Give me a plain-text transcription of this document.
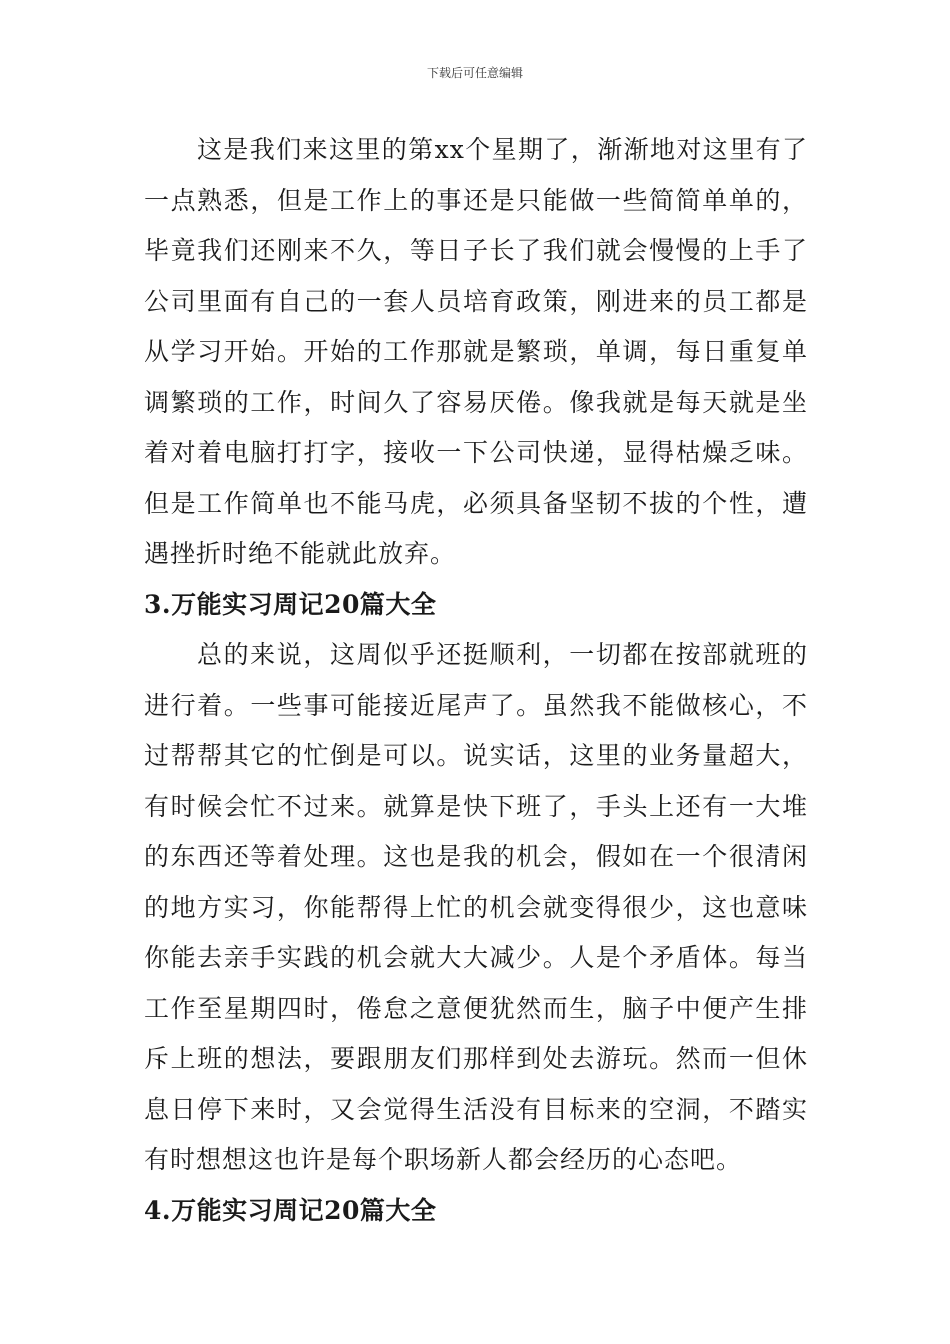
下载后可任意编辑

这是我们来这里的第xx个星期了，渐渐地对这里有了一点熟悉，但是工作上的事还是只能做一些简简单单的，毕竟我们还刚来不久，等日子长了我们就会慢慢的上手了公司里面有自己的一套人员培育政策，刚进来的员工都是从学习开始。开始的工作那就是繁琐，单调，每日重复单调繁琐的工作，时间久了容易厌倦。像我就是每天就是坐着对着电脑打打字，接收一下公司快递，显得枯燥乏味。但是工作简单也不能马虎，必须具备坚韧不拔的个性，遭遇挫折时绝不能就此放弃。

3.万能实习周记20篇大全

总的来说，这周似乎还挺顺利，一切都在按部就班的进行着。一些事可能接近尾声了。虽然我不能做核心，不过帮帮其它的忙倒是可以。说实话，这里的业务量超大，有时候会忙不过来。就算是快下班了，手头上还有一大堆的东西还等着处理。这也是我的机会，假如在一个很清闲的地方实习，你能帮得上忙的机会就变得很少，这也意味你能去亲手实践的机会就大大减少。人是个矛盾体。每当工作至星期四时，倦怠之意便犹然而生，脑子中便产生排斥上班的想法，要跟朋友们那样到处去游玩。然而一但休息日停下来时，又会觉得生活没有目标来的空洞，不踏实有时想想这也许是每个职场新人都会经历的心态吧。

4.万能实习周记20篇大全
